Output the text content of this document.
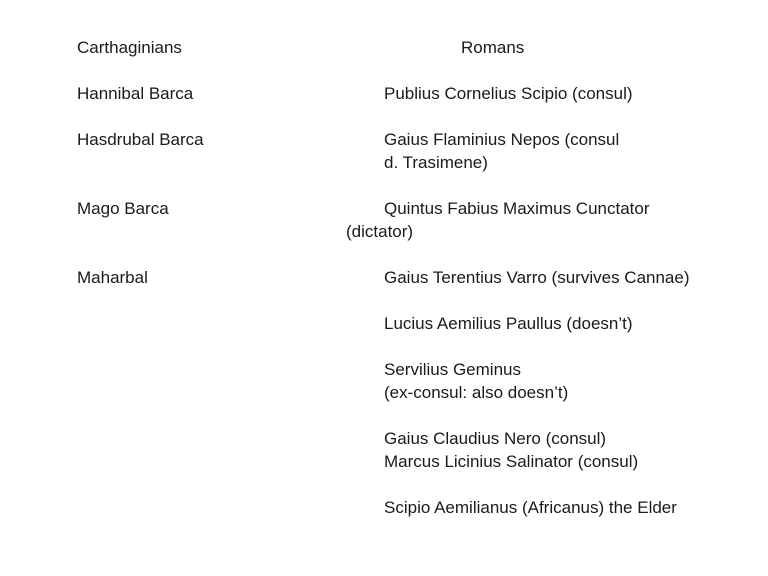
Carthaginians	Romans
Hannibal Barca
Hasdrubal Barca
Mago Barca
Maharbal
Publius Cornelius Scipio (consul)
Gaius Flaminius Nepos (consul
d. Trasimene)
Quintus Fabius Maximus Cunctator
(dictator)
Gaius Terentius Varro (survives Cannae)
Lucius Aemilius Paullus (doesn’t)
Servilius Geminus
(ex-consul: also doesn’t)
Gaius Claudius Nero (consul)
Marcus Licinius Salinator (consul)
Scipio Aemilianus (Africanus) the Elder
